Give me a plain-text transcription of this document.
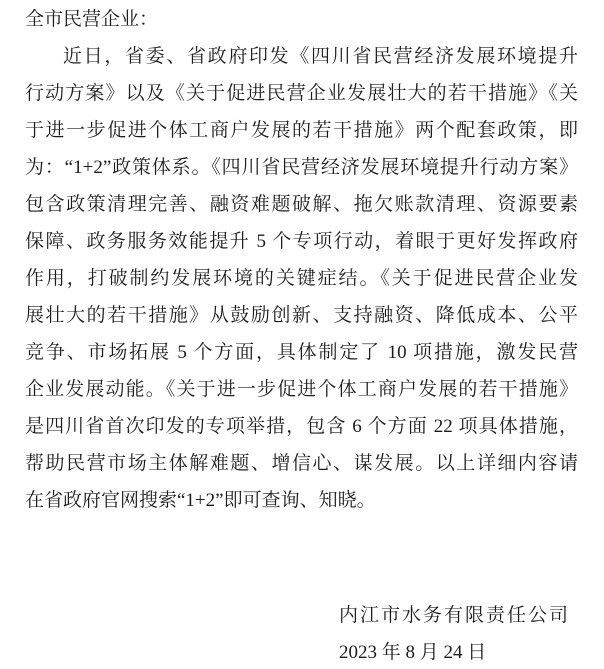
全市民营企业：
近日，省委、省政府印发《四川省民营经济发展环境提升
行动方案》以及《关于促进民营企业发展壮大的若干措施》《关
于进一步促进个体工商户发展的若干措施》两个配套政策，即
为：“1+2”政策体系。《四川省民营经济发展环境提升行动方案》
包含政策清理完善、融资难题破解、拖欠账款清理、资源要素
保障、政务服务效能提升 5 个专项行动，着眼于更好发挥政府
作用，打破制约发展环境的关键症结。《关于促进民营企业发
展壮大的若干措施》从鼓励创新、支持融资、降低成本、公平
竞争、市场拓展 5 个方面，具体制定了 10 项措施，激发民营
企业发展动能。《关于进一步促进个体工商户发展的若干措施》
是四川省首次印发的专项举措，包含 6 个方面 22 项具体措施，
帮助民营市场主体解难题、增信心、谋发展。以上详细内容请
在省政府官网搜索“1+2”即可查询、知晓。
内江市水务有限责任公司
2023 年 8 月 24 日
